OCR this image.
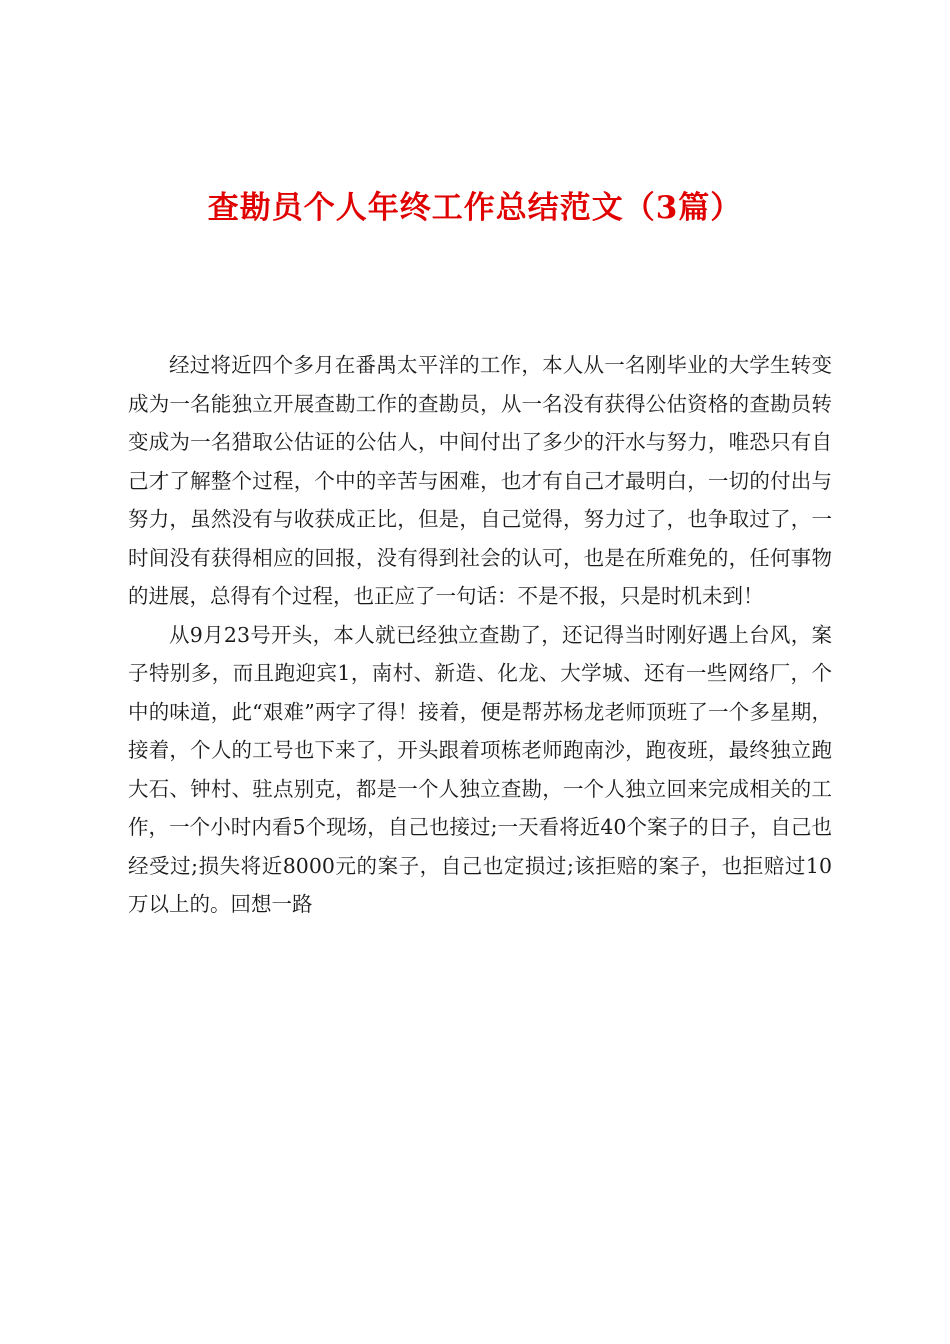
查勘员个人年终工作总结范文（3篇）

经过将近四个多月在番禺太平洋的工作，本人从一名刚毕业的大学生转变成为一名能独立开展查勘工作的查勘员，从一名没有获得公估资格的查勘员转变成为一名猎取公估证的公估人，中间付出了多少的汗水与努力，唯恐只有自己才了解整个过程，个中的辛苦与困难，也才有自己才最明白，一切的付出与努力，虽然没有与收获成正比，但是，自己觉得，努力过了，也争取过了，一时间没有获得相应的回报，没有得到社会的认可，也是在所难免的，任何事物的进展，总得有个过程，也正应了一句话：不是不报，只是时机未到！

从9月23号开头，本人就已经独立查勘了，还记得当时刚好遇上台风，案子特别多，而且跑迎宾1，南村、新造、化龙、大学城、还有一些网络厂，个中的味道，此“艰难”两字了得！接着，便是帮苏杨龙老师顶班了一个多星期，接着，个人的工号也下来了，开头跟着项栋老师跑南沙，跑夜班，最终独立跑大石、钟村、驻点别克，都是一个人独立查勘，一个人独立回来完成相关的工作，一个小时内看5个现场，自己也接过;一天看将近40个案子的日子，自己也经受过;损失将近8000元的案子，自己也定损过;该拒赔的案子，也拒赔过10万以上的。回想一路
